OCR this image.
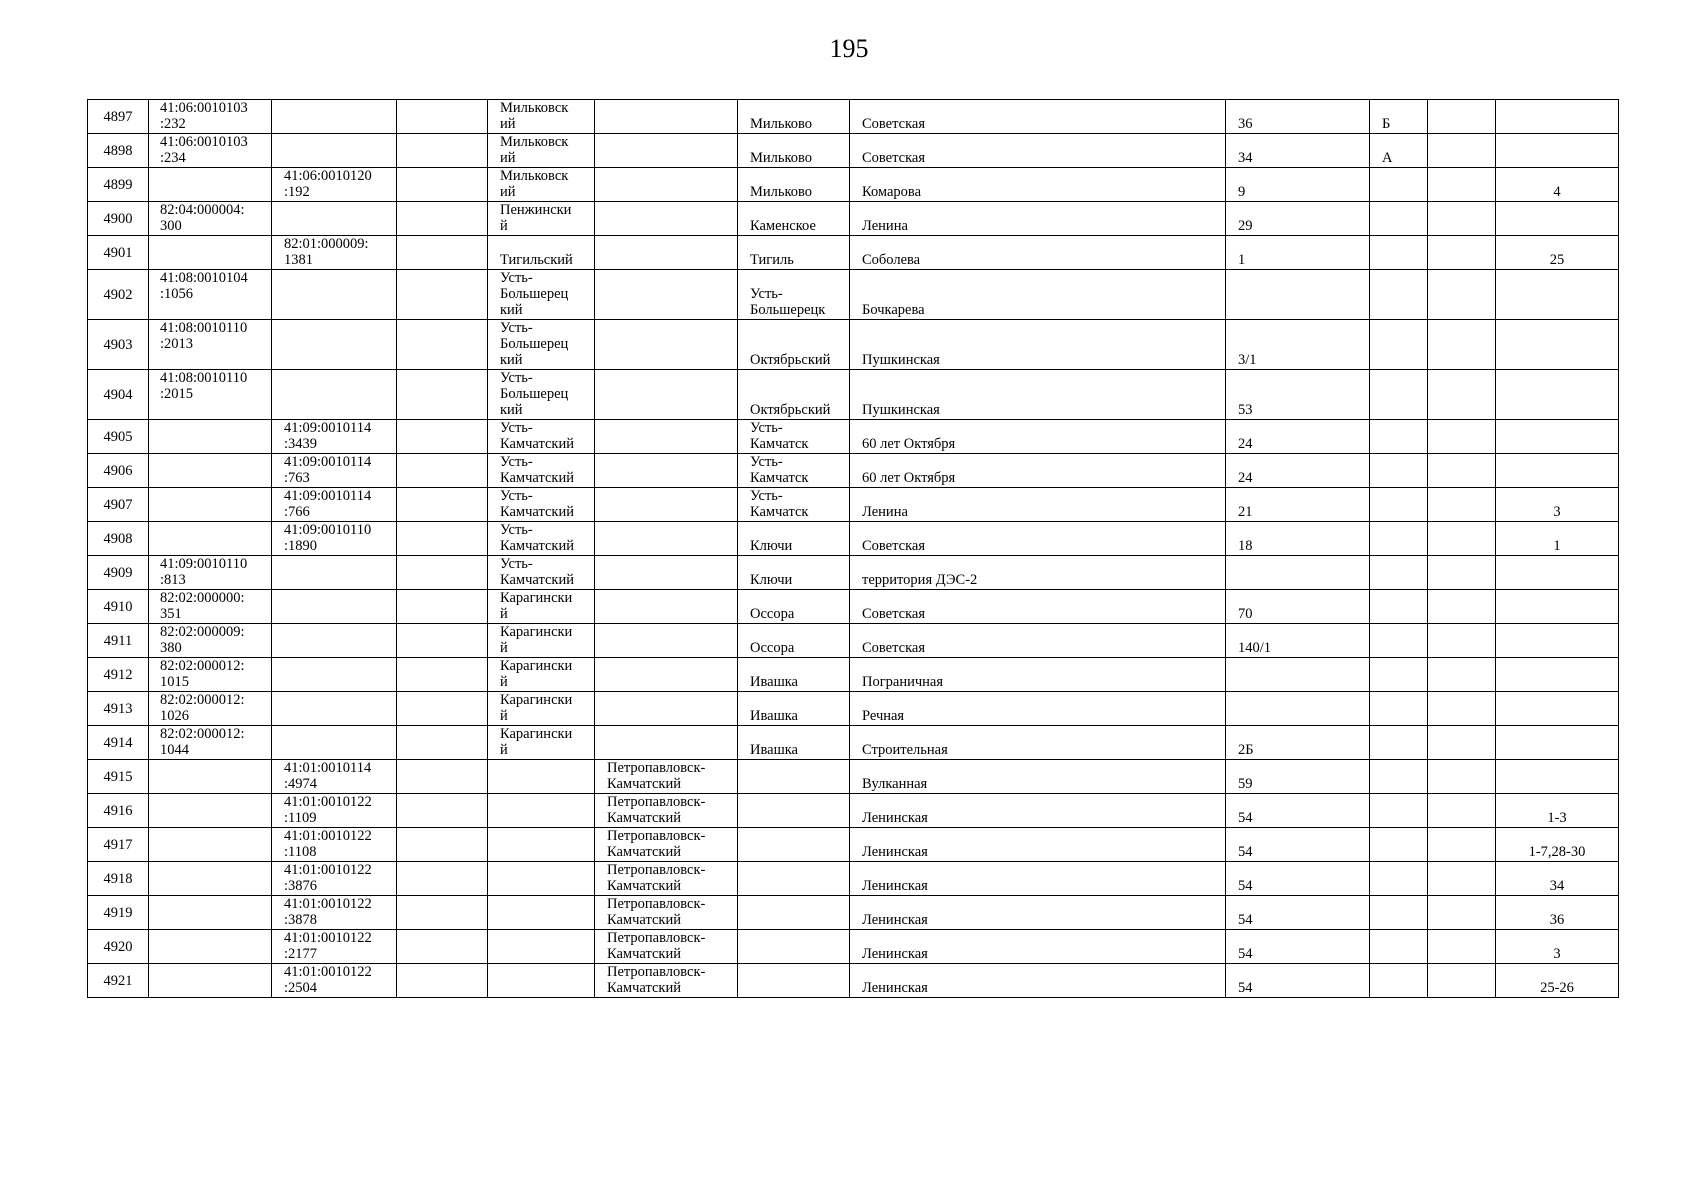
195
4897	41:06:0010103
:232			Мильковск
ий		Мильково	Советская	36	Б		

4898	41:06:0010103
:234			Мильковск
ий		Мильково	Советская	34	А		

4899		41:06:0010120
:192		Мильковск
ий		Мильково	Комарова	9			4

4900	82:04:000004:
300			Пенжински
й		Каменское	Ленина	29			

4901		82:01:000009:
1381		Тигильский		Тигиль	Соболева	1			25

4902	41:08:0010104
:1056			Усть-
Большерец
кий		Усть-
Большерецк	Бочкарева				

4903	41:08:0010110
:2013			Усть-
Большерец
кий		Октябрьский	Пушкинская	3/1			

4904	41:08:0010110
:2015			Усть-
Большерец
кий		Октябрьский	Пушкинская	53			

4905		41:09:0010114
:3439		Усть-
Камчатский		Усть-
Камчатск	60 лет Октября	24			

4906		41:09:0010114
:763		Усть-
Камчатский		Усть-
Камчатск	60 лет Октября	24			

4907		41:09:0010114
:766		Усть-
Камчатский		Усть-
Камчатск	Ленина	21			3

4908		41:09:0010110
:1890		Усть-
Камчатский		Ключи	Советская	18			1

4909	41:09:0010110
:813			Усть-
Камчатский		Ключи	территория ДЭС-2				

4910	82:02:000000:
351			Карагински
й		Оссора	Советская	70			

4911	82:02:000009:
380			Карагински
й		Оссора	Советская	140/1			

4912	82:02:000012:
1015			Карагински
й		Ивашка	Пограничная				

4913	82:02:000012:
1026			Карагински
й		Ивашка	Речная				

4914	82:02:000012:
1044			Карагински
й		Ивашка	Строительная	2Б			

4915		41:01:0010114
:4974			Петропавловск-
Камчатский		Вулканная	59			

4916		41:01:0010122
:1109			Петропавловск-
Камчатский		Ленинская	54			1-3

4917		41:01:0010122
:1108			Петропавловск-
Камчатский		Ленинская	54			1-7,28-30

4918		41:01:0010122
:3876			Петропавловск-
Камчатский		Ленинская	54			34

4919		41:01:0010122
:3878			Петропавловск-
Камчатский		Ленинская	54			36

4920		41:01:0010122
:2177			Петропавловск-
Камчатский		Ленинская	54			3

4921		41:01:0010122
:2504			Петропавловск-
Камчатский		Ленинская	54			25-26
